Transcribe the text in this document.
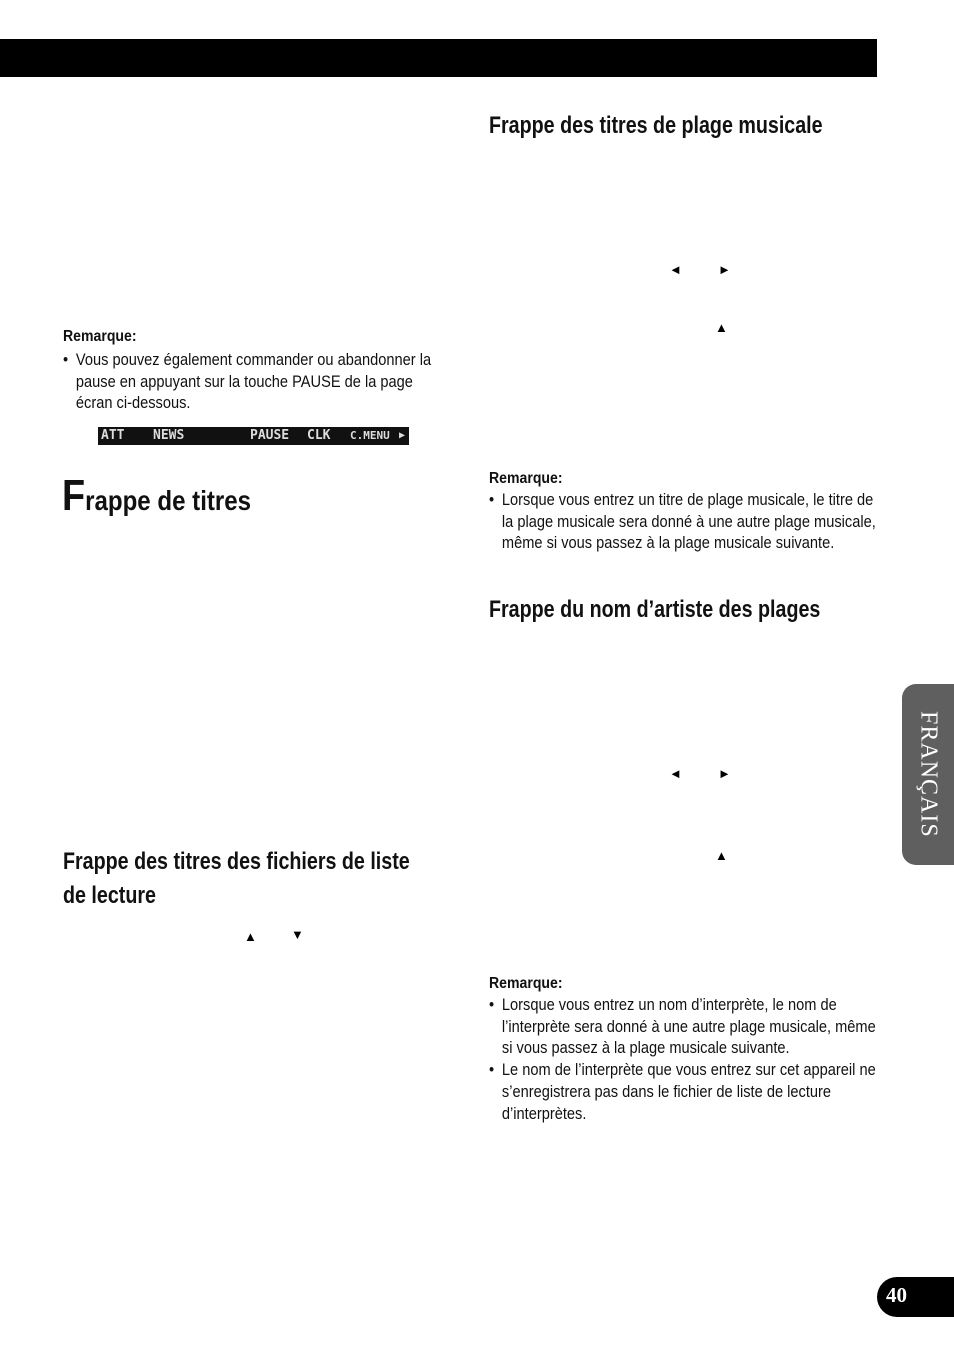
Remarque:
• Vous pouvez également commander ou abandonner la pause en appuyant sur la touche PAUSE de la page écran ci-dessous.
ATT NEWS	PAUSE CLK C.MENU ▶
Frappe de titres
Frappe des titres des fichiers de liste de lecture
▲	▼
Frappe des titres de plage musicale
◄	►
▲
Remarque:
• Lorsque vous entrez un titre de plage musicale, le titre de la plage musicale sera donné à une autre plage musicale, même si vous passez à la plage musicale suivante.
Frappe du nom d’artiste des plages
◄	►
▲
Remarque:
• Lorsque vous entrez un nom d’interprète, le nom de l’interprète sera donné à une autre plage musicale, même si vous passez à la plage musicale suivante.
• Le nom de l’interprète que vous entrez sur cet appareil ne s’enregistrera pas dans le fichier de liste de lecture d’interprètes.
FRANÇAIS
40
